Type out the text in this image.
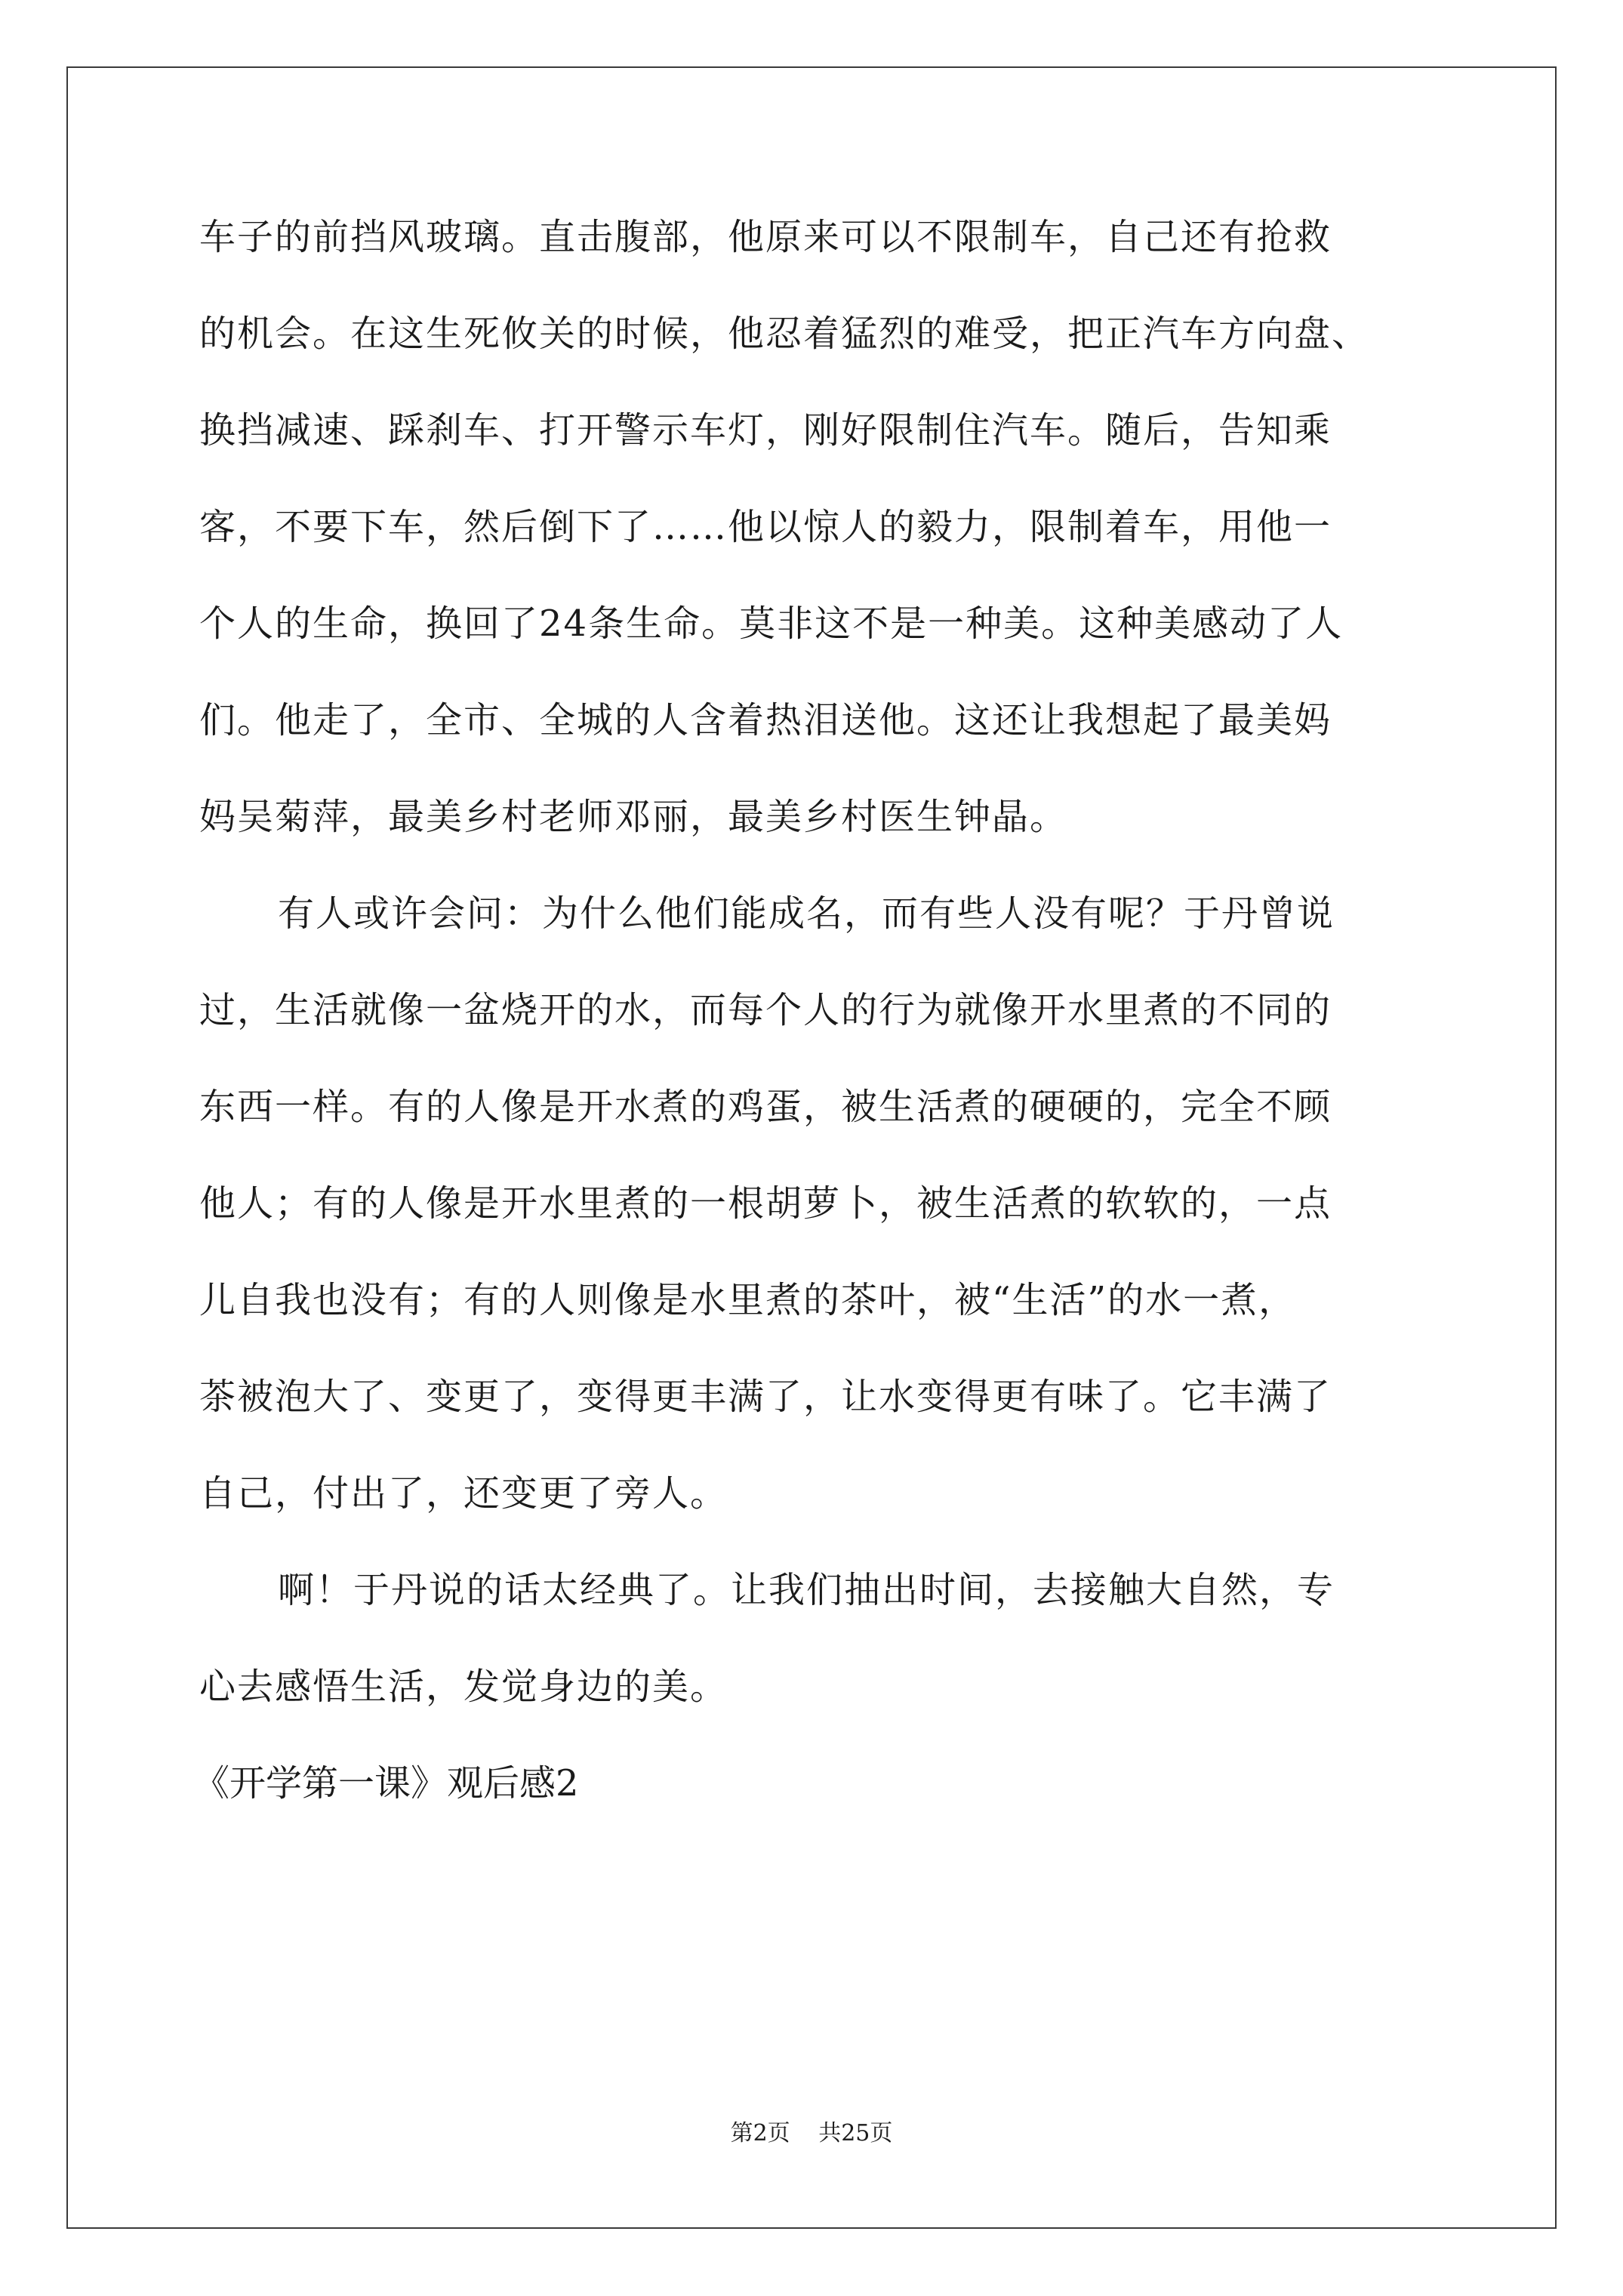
车子的前挡风玻璃。直击腹部，他原来可以不限制车，自己还有抢救
的机会。在这生死攸关的时候，他忍着猛烈的难受，把正汽车方向盘、
换挡减速、踩刹车、打开警示车灯，刚好限制住汽车。随后，告知乘
客，不要下车，然后倒下了……他以惊人的毅力，限制着车，用他一
个人的生命，换回了24条生命。莫非这不是一种美。这种美感动了人
们。他走了，全市、全城的人含着热泪送他。这还让我想起了最美妈
妈吴菊萍，最美乡村老师邓丽，最美乡村医生钟晶。
有人或许会问：为什么他们能成名，而有些人没有呢？于丹曾说
过，生活就像一盆烧开的水，而每个人的行为就像开水里煮的不同的
东西一样。有的人像是开水煮的鸡蛋，被生活煮的硬硬的，完全不顾
他人；有的人像是开水里煮的一根胡萝卜，被生活煮的软软的，一点
儿自我也没有；有的人则像是水里煮的茶叶，被“生活”的水一煮，
茶被泡大了、变更了，变得更丰满了，让水变得更有味了。它丰满了
自己，付出了，还变更了旁人。
啊！于丹说的话太经典了。让我们抽出时间，去接触大自然，专
心去感悟生活，发觉身边的美。
《开学第一课》观后感2
第2页 共25页
